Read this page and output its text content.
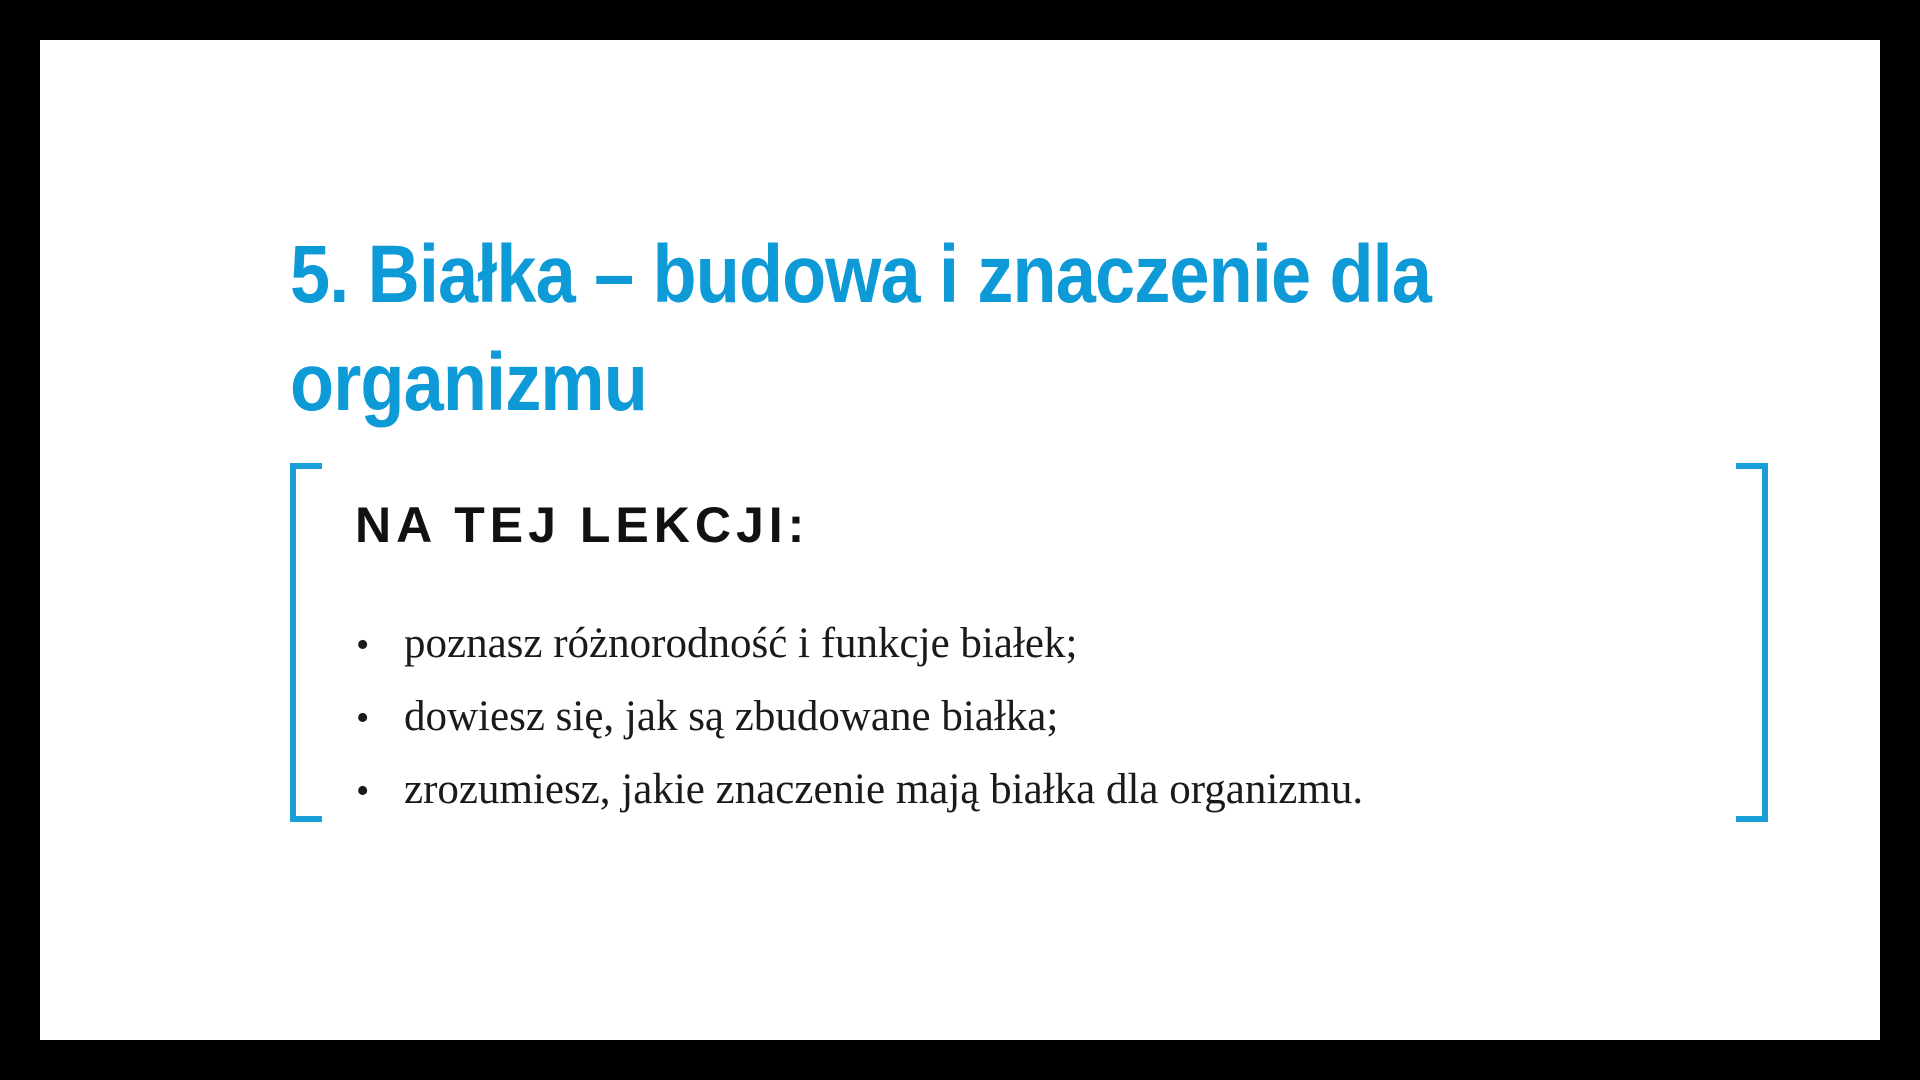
5. Białka – budowa i znaczenie dla
organizmu
NA TEJ LEKCJI:
• poznasz różnorodność i funkcje białek;
• dowiesz się, jak są zbudowane białka;
• zrozumiesz, jakie znaczenie mają białka dla organizmu.
